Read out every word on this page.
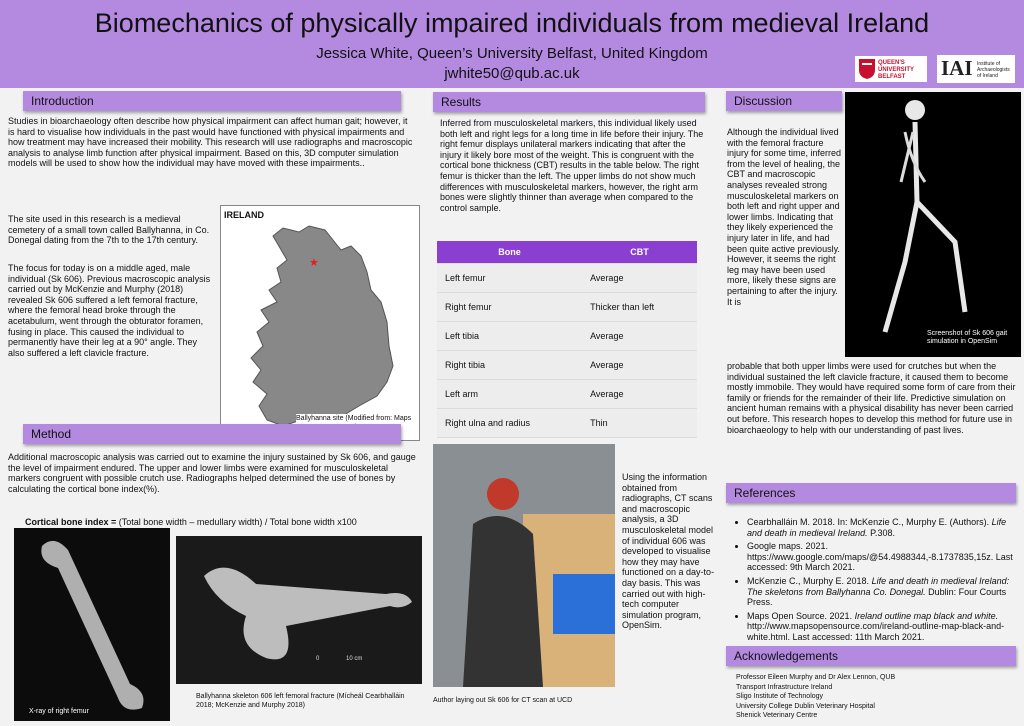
Biomechanics of physically impaired individuals from medieval Ireland
Jessica White, Queen’s University Belfast, United Kingdom
jwhite50@qub.ac.uk
QUEEN'S UNIVERSITY BELFAST	IAI Institute of Archaeologists of Ireland
Introduction
Studies in bioarchaeology often describe how physical impairment can affect human gait; however, it is hard to visualise how individuals in the past would have functioned with physical impairments and how treatment may have increased their mobility. This research will use radiographs and macroscopic analysis to analyse limb function after physical impairment. Based on this, 3D computer simulation models will be used to show how the individual may have moved with these impairments..
The site used in this research is a medieval cemetery of a small town called Ballyhanna, in Co. Donegal dating from the 7th to the 17th century.
The focus for today is on a middle aged, male individual (Sk 606). Previous macroscopic analysis carried out by McKenzie and Murphy (2018) revealed Sk 606 suffered a left femoral fracture, where the femoral head broke through the acetabulum, went through the obturator foramen, fusing in place. This caused the individual to permanently have their leg at a 90° angle. They also suffered a left clavicle fracture.
IRELAND
★
Ballyhanna site (Modified from: Maps
Method
Additional macroscopic analysis was carried out to examine the injury sustained by Sk 606, and gauge the level of impairment endured. The upper and lower limbs were examined for musculoskeletal markers congruent with possible crutch use. Radiographs helped determined the use of bones by calculating the cortical bone index(%).
Cortical bone index = (Total bone width – medullary width) / Total bone width x100
X-ray of right femur
0	10 cm
Ballyhanna skeleton 606 left femoral fracture (Mícheál Cearbhalláin 2018; McKenzie and Murphy 2018)
Results
Inferred from musculoskeletal markers, this individual likely used both left and right legs for a long time in life before their injury. The right femur displays unilateral markers indicating that after the injury it likely bore most of the weight. This is congruent with the cortical bone thickness (CBT) results in the table below. The right femur is thicker than the left. The upper limbs do not show much differences with musculoskeletal markers, however, the right arm bones were slightly thinner than average when compared to the control sample.
Bone	CBT
Left femur	Average
Right femur	Thicker than left
Left tibia	Average
Right tibia	Average
Left arm	Average
Right ulna and radius	Thin
Author laying out Sk 606 for CT scan at UCD
Using the information obtained from radiographs, CT scans and macroscopic analysis, a 3D musculoskeletal model of individual 606 was developed to visualise how they may have functioned on a day-to-day basis. This was carried out with high-tech computer simulation program, OpenSim.
Discussion
Although the individual lived with the femoral fracture injury for some time, inferred from the level of healing, the CBT and macroscopic analyses revealed strong musculoskeletal markers on both left and right upper and lower limbs. Indicating that they likely experienced the injury later in life, and had been quite active previously. However, it seems the right leg may have been used more, likely these signs are pertaining to after the injury. It is
Screenshot of Sk 606 gait simulation in OpenSim
probable that both upper limbs were used for crutches but when the individual sustained the left clavicle fracture, it caused them to become mostly immobile. They would have required some form of care from their family or friends for the remainder of their life. Predictive simulation on ancient human remains with a physical disability has never been carried out before. This research hopes to develop this method for future use in bioarchaeology to help with our understanding of past lives.
References
• Cearbhalláin M. 2018. In: McKenzie C., Murphy E. (Authors). Life and death in medieval Ireland. P.308.
• Google maps. 2021. https://www.google.com/maps/@54.4988344,-8.1737835,15z. Last accessed: 9th March 2021.
• McKenzie C., Murphy E. 2018. Life and death in medieval Ireland: The skeletons from Ballyhanna Co. Donegal. Dublin: Four Courts Press.
• Maps Open Source. 2021. Ireland outline map black and white. http://www.mapsopensource.com/ireland-outline-map-black-and-white.html. Last accessed: 11th March 2021.
Acknowledgements
Professor Eileen Murphy and Dr Alex Lennon, QUB
Transport Infrastructure Ireland
Sligo Institute of Technology
University College Dublin Veterinary Hospital
Shenick Veterinary Centre
